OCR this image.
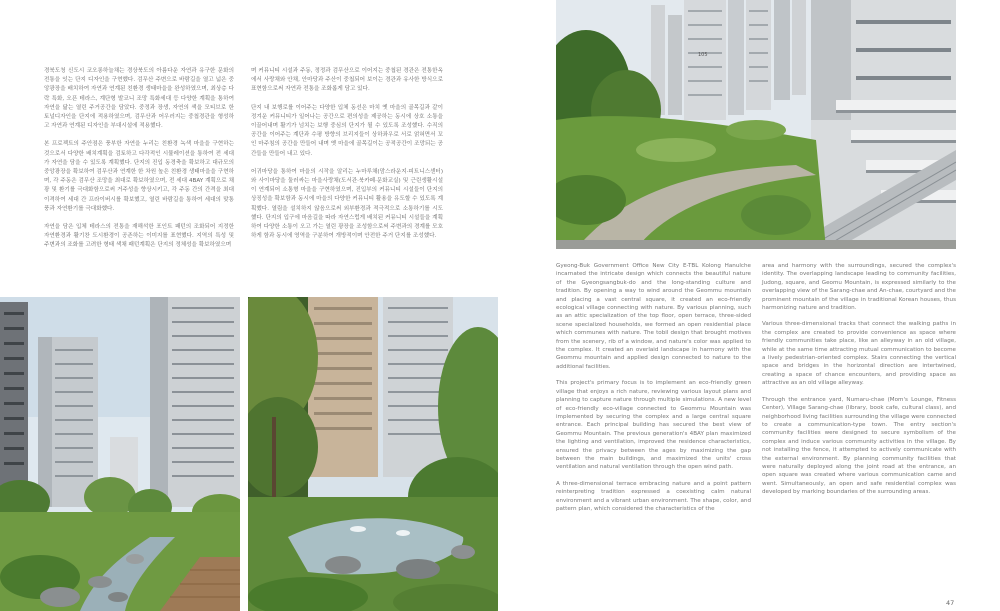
경북도청 신도시 코오롱하늘채는 경상북도의 아름다운 자연과 유구한 문화의 전통을 잇는 단지 디자인을 구현했다. 검무산 주변으로 바람길을 열고 넓은 중앙광장을 배치하여 자연과 연계된 친환경 생태마을을 완성하였으며, 최상층 다락 특화, 오픈 테라스, 계단형 발코니 조망 특화세대 등 다양한 계획을 통하여 자연을 닮는 열린 주거공간을 담았다. 중정과 장생, 자연의 색을 모티브로 한 토널디자인을 단지에 적용하였으며, 검무산과 어우러지는 중첩경관을 형성하고 자연과 연계된 디자인을 부대시설에 적용했다.

본 프로젝트의 주안점은 풍부한 자연을 누리는 친환경 녹색 마을을 구현하는 것으로서 다양한 배치계획을 검토하고 다각적인 시뮬레이션을 통하여 전 세대가 자연을 담을 수 있도록 계획했다. 단지의 진입 동경축을 확보하고 대규모의 중앙광장을 확보하여 검무산과 연계한 한 차원 높은 친환경 생태마을을 구현하며, 각 주동은 검무산 조망을 최대로 확보하였으며, 전 세대 4BAY 계획으로 채광 및 환기를 극대화함으로써 거주성을 향상시키고, 각 주동 간의 간격을 최대 이격하여 세대 간 프라이버시를 확보했고, 열린 바람길을 통하여 세대의 맞통풍과 자연환기를 극대화했다.

자연을 담은 입체 테라스의 전통을 재해석한 포인트 패턴의 조화되어 지정한 자연환경과 활기찬 도시환경이 공존하는 이미지를 표현했다. 지역의 특성 및 주변과의 조화를 고려한 형태 색채 패턴계획은 단지의 정체성을 확보하였으며

며 커뮤니티 시설과 주동, 정정과 검무산으로 이어지는 중첩된 경관은 전통한옥에서 사랑채와 안채, 안마당과 주산이 중첩되어 보이는 경관과 유사한 방식으로 표현함으로써 자연과 전통을 조화롭게 담고 있다.

단지 내 보행로를 이어주는 다양한 입체 동선은 마치 옛 마을의 골목길과 같이 정겨운 커뮤니티가 일어나는 공간으로 편의성을 제공하는 동시에 상호 소통을 이끌어내며 활기가 넘치는 보행 중심의 단지가 될 수 있도록 조성했다. 수직의 공간을 이어주는 계단과 수평 방향의 브리지들이 상하좌우로 서로 얽혀면서 꼬인 마주침의 공간을 만들어 내며 옛 마을에 골목길이는 공적공간이 조망되는 공간들을 만들어 내고 있다.

어귀마당을 통하여 마을의 시작을 알리는 누마루채(맘스라운지·피트니스센터)와 사이마당을 둘러싸는 마을사랑채(도서관·북카페·문화교실) 및 근린생활시설이 연계되어 소통형 마을을 구현하였으며, 진입부의 커뮤니티 시설들이 단지의 상징성을 확보함과 동시에 마을의 다양한 커뮤니티 활용을 유도할 수 있도록 계획했다. 열림을 설치하지 않음으로써 외부환경과 적극적으로 소통하기를 시도했다. 단지의 입구에 마음길을 따라 자연스럽게 배치된 커뮤니티 시설들을 계획하여 다양한 소통이 오고 가는 열린 광장을 조성함으로써 주변과의 경계를 모호하게 함과 동시에 영역을 구분하여 개방적이며 안전한 주거 단지를 조성했다.

105

Gyeong-Buk Government Office New City E-TBL Kolong Hanulche incarnated the intricate design which connects the beautiful nature of the Gyeongsangbuk-do and the long-standing culture and tradition. By opening a way to wind around the Geommu mountain and placing a vast central square, it created an eco-friendly ecological village connecting with nature. By various planning, such as an attic specialization of the top floor, open terrace, three-sided scene specialized households, we formed an open residential place which communes with nature. The tobil design that brought motives from the scenery, rib of a window, and nature's color was applied to the complex. It created an overlaid landscape in harmony with the Geommu mountain and applied design connected to nature to the additional facilities.

This project's primary focus is to implement an eco-friendly green village that enjoys a rich nature, reviewing various layout plans and planning to capture nature through multiple simulations. A new level of eco-friendly eco-village connected to Geommu Mountain was implemented by securing the complex and a large central square entrance. Each principal building has secured the best view of Geommu Mountain. The previous generation's 4BAY plan maximized the lighting and ventilation, improved the residence characteristics, ensured the privacy between the ages by maximizing the gap between the main buildings, and maximized the units' cross ventilation and natural ventilation through the open wind path.

A three-dimensional terrace embracing nature and a point pattern reinterpreting tradition expressed a coexisting calm natural environment and a vibrant urban environment. The shape, color, and pattern plan, which considered the characteristics of the

area and harmony with the surroundings, secured the complex's identity. The overlapping landscape leading to community facilities, Judong, square, and Geomu Mountain, is expressed similarly to the overlapping view of the Sarang-chae and An-chae, courtyard and the prominent mountain of the village in traditional Korean houses, thus harmonizing nature and tradition.

Various three-dimensional tracks that connect the walking paths in the complex are created to provide convenience as space where friendly communities take place, like an alleyway in an old village, while at the same time attracting mutual communication to become a lively pedestrian-oriented complex. Stairs connecting the vertical space and bridges in the horizontal direction are intertwined, creating a space of chance encounters, and providing space as attractive as an old village alleyway.

Through the entrance yard, Numaru-chae (Mom's Lounge, Fitness Center), Village Sarang-chae (library, book cafe, cultural class), and neighborhood living facilities surrounding the village were connected to create a communication-type town. The entry section's community facilities were designed to secure symbolism of the complex and induce various community activities in the village. By not installing the fence, it attempted to actively communicate with the external environment. By planning community facilities that were naturally deployed along the joint road at the entrance, an open square was created where various communication came and went. Simultaneously, an open and safe residential complex was developed by marking boundaries of the surrounding areas.

47
